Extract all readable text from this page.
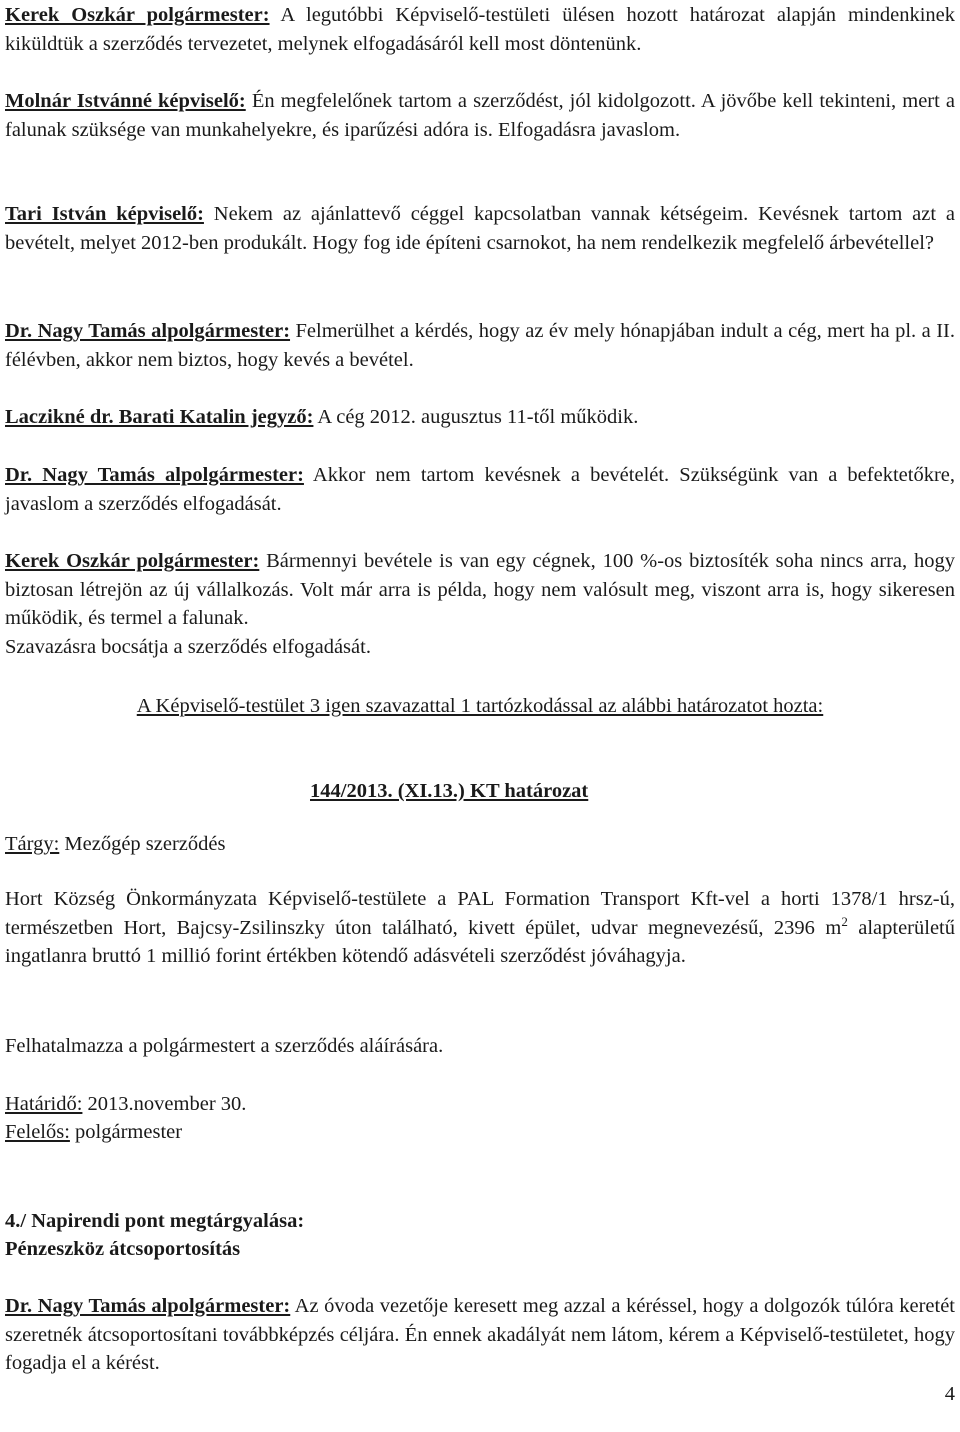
Kerek Oszkár polgármester: A legutóbbi Képviselő-testületi ülésen hozott határozat alapján mindenkinek kiküldtük a szerződés tervezetet, melynek elfogadásáról kell most döntenünk.

Molnár Istvánné képviselő: Én megfelelőnek tartom a szerződést, jól kidolgozott. A jövőbe kell tekinteni, mert a falunak szüksége van munkahelyekre, és iparűzési adóra is. Elfogadásra javaslom.

Tari István képviselő: Nekem az ajánlattevő céggel kapcsolatban vannak kétségeim. Kevésnek tartom azt a bevételt, melyet 2012-ben produkált. Hogy fog ide építeni csarnokot, ha nem rendelkezik megfelelő árbevétellel?

Dr. Nagy Tamás alpolgármester: Felmerülhet a kérdés, hogy az év mely hónapjában indult a cég, mert ha pl. a II. félévben, akkor nem biztos, hogy kevés a bevétel.

Laczikné dr. Barati Katalin jegyző: A cég 2012. augusztus 11-től működik.

Dr. Nagy Tamás alpolgármester: Akkor nem tartom kevésnek a bevételét. Szükségünk van a befektetőkre, javaslom a szerződés elfogadását.

Kerek Oszkár polgármester: Bármennyi bevétele is van egy cégnek, 100 %-os biztosíték soha nincs arra, hogy biztosan létrejön az új vállalkozás. Volt már arra is példa, hogy nem valósult meg, viszont arra is, hogy sikeresen működik, és termel a falunak.

Szavazásra bocsátja a szerződés elfogadását.

A Képviselő-testület 3 igen szavazattal 1 tartózkodással az alábbi határozatot hozta:

144/2013. (XI.13.) KT határozat

Tárgy: Mezőgép szerződés

Hort Község Önkormányzata Képviselő-testülete a PAL Formation Transport Kft-vel a horti 1378/1 hrsz-ú, természetben Hort, Bajcsy-Zsilinszky úton található, kivett épület, udvar megnevezésű, 2396 $m^2$ alapterületű ingatlanra bruttó 1 millió forint értékben kötendő adásvételi szerződést jóváhagyja.

Felhatalmazza a polgármestert a szerződés aláírására.

Határidő: 2013.november 30.

Felelős: polgármester

4./ Napirendi pont megtárgyalása:

Pénzeszköz átcsoportosítás

Dr. Nagy Tamás alpolgármester: Az óvoda vezetője keresett meg azzal a kéréssel, hogy a dolgozók túlóra keretét szeretnék átcsoportosítani továbbképzés céljára. Én ennek akadályát nem látom, kérem a Képviselő-testületet, hogy fogadja el a kérést.

4
